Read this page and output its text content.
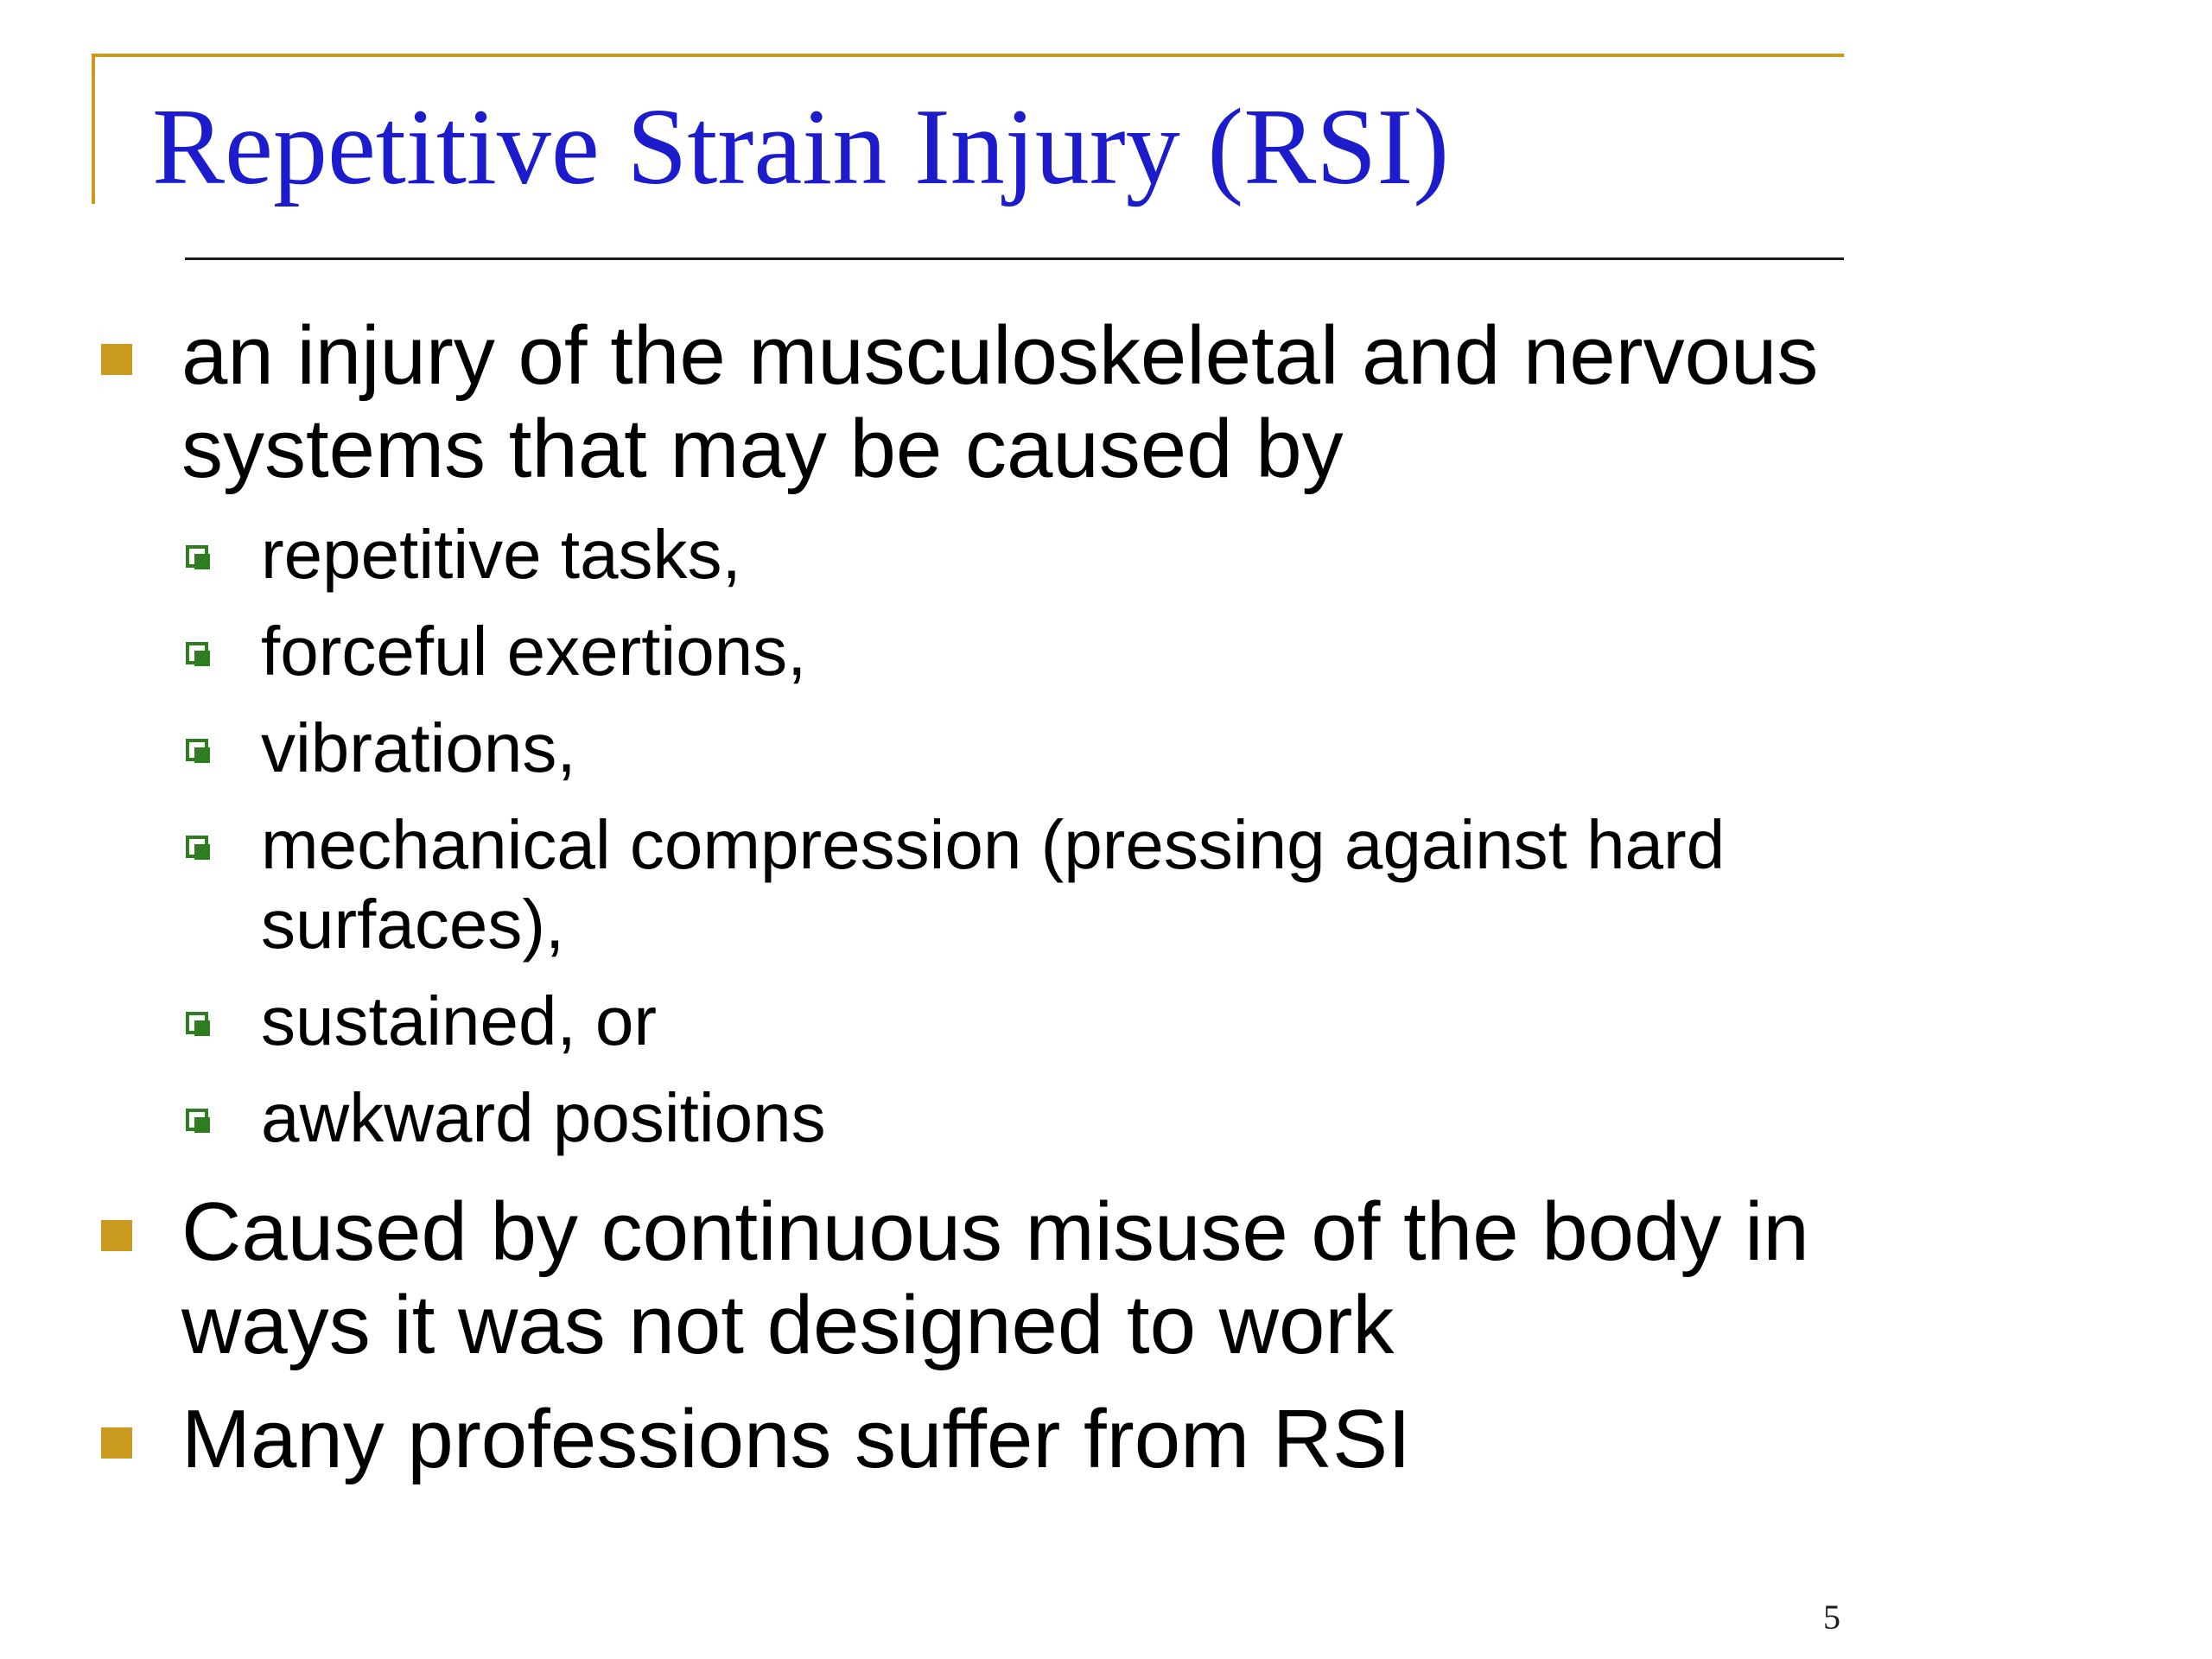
Repetitive Strain Injury (RSI)
an injury of the musculoskeletal and nervous systems that may be caused by
repetitive tasks,
forceful exertions,
vibrations,
mechanical compression (pressing against hard surfaces),
sustained, or
awkward positions
Caused by continuous misuse of the body in ways it was not designed to work
Many professions suffer from RSI
5
